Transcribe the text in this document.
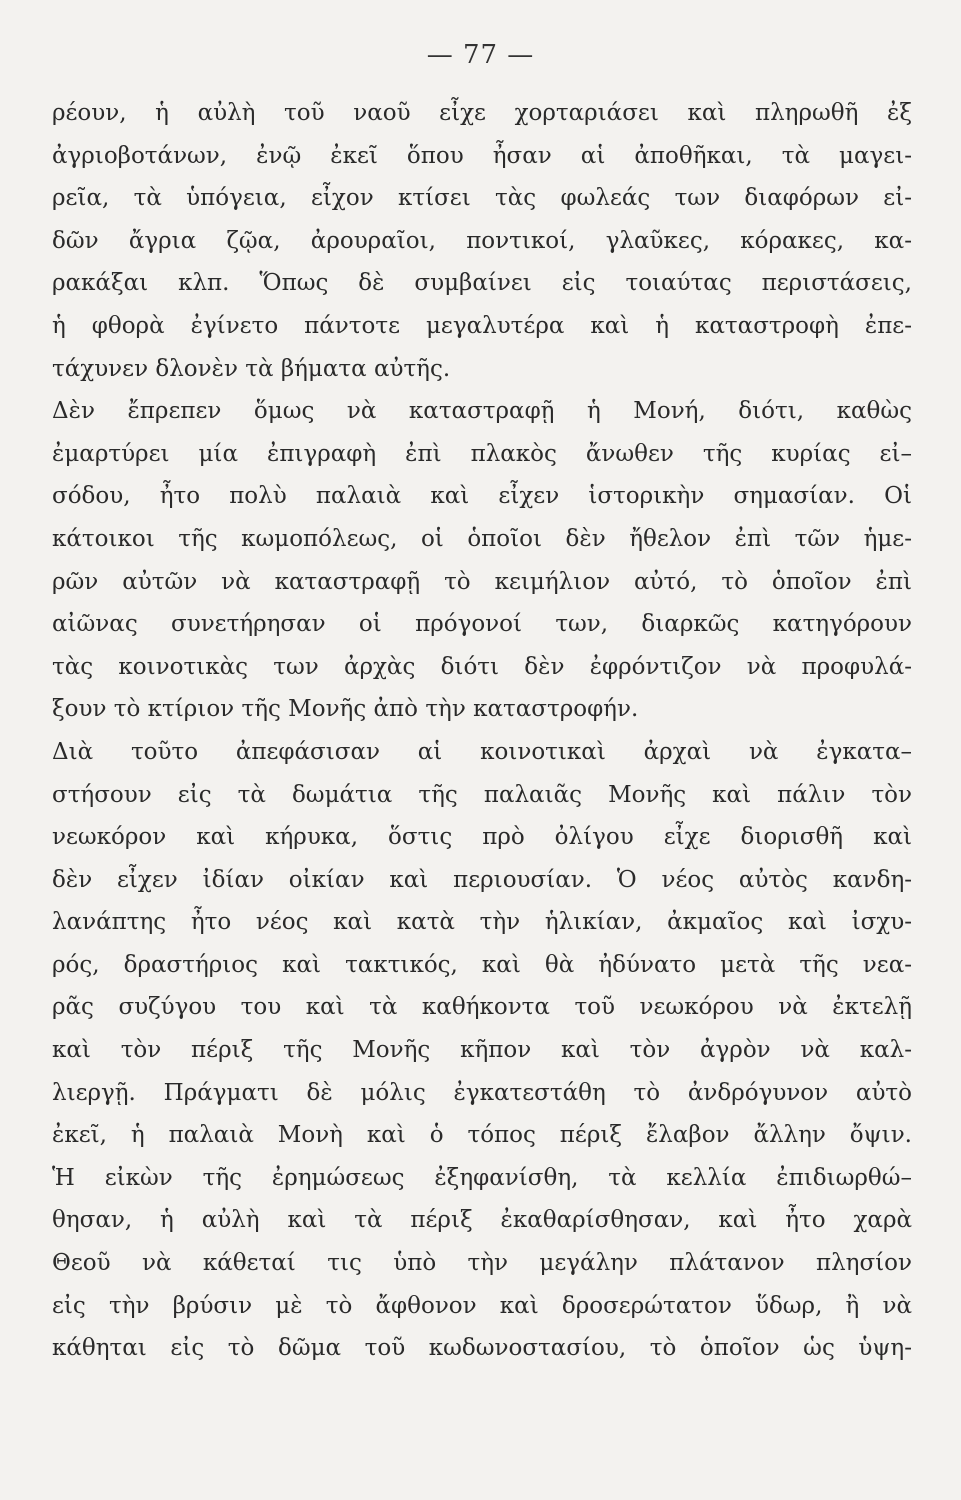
— 77 —
ρέουν, ἡ αὐλὴ τοῦ ναοῦ εἶχε χορταριάσει καὶ πληρωθῆ ἐξ
ἀγριοβοτάνων, ἐνῷ ἐκεῖ ὅπου ἦσαν αἱ ἀποθῆκαι, τὰ μαγει-
ρεῖα, τὰ ὑπόγεια, εἶχον κτίσει τὰς φωλεάς των διαφόρων εἰ-
δῶν ἄγρια ζῷα, ἀρουραῖοι, ποντικοί, γλαῦκες, κόρακες, κα-
ρακάξαι κλπ. Ὅπως δὲ συμβαίνει εἰς τοιαύτας περιστάσεις,
ἡ φθορὰ ἐγίνετο πάντοτε μεγαλυτέρα καὶ ἡ καταστροφὴ ἐπε-
τάχυνεν δλονὲν τὰ βήματα αὐτῆς.
Δὲν ἔπρεπεν ὅμως νὰ καταστραφῇ ἡ Μονή, διότι, καθὼς
ἐμαρτύρει μία ἐπιγραφὴ ἐπὶ πλακὸς ἄνωθεν τῆς κυρίας εἰ–
σόδου, ἦτο πολὺ παλαιὰ καὶ εἶχεν ἱστορικὴν σημασίαν. Οἱ
κάτοικοι τῆς κωμοπόλεως, οἱ ὁποῖοι δὲν ἤθελον ἐπὶ τῶν ἡμε-
ρῶν αὐτῶν νὰ καταστραφῇ τὸ κειμήλιον αὐτό, τὸ ὁποῖον ἐπὶ
αἰῶνας συνετήρησαν οἱ πρόγονοί των, διαρκῶς κατηγόρουν
τὰς κοινοτικὰς των ἀρχὰς διότι δὲν ἐφρόντιζον νὰ προφυλά-
ξουν τὸ κτίριον τῆς Μονῆς ἀπὸ τὴν καταστροφήν.
Διὰ τοῦτο ἀπεφάσισαν αἱ κοινοτικαὶ ἀρχαὶ νὰ ἐγκατα–
στήσουν εἰς τὰ δωμάτια τῆς παλαιᾶς Μονῆς καὶ πάλιν τὸν
νεωκόρον καὶ κήρυκα, ὅστις πρὸ ὀλίγου εἶχε διορισθῆ καὶ
δὲν εἶχεν ἰδίαν οἰκίαν καὶ περιουσίαν. Ὁ νέος αὐτὸς κανδη-
λανάπτης ἦτο νέος καὶ κατὰ τὴν ἡλικίαν, ἀκμαῖος καὶ ἰσχυ-
ρός, δραστήριος καὶ τακτικός, καὶ θὰ ἠδύνατο μετὰ τῆς νεα-
ρᾶς συζύγου του καὶ τὰ καθήκοντα τοῦ νεωκόρου νὰ ἐκτελῇ
καὶ τὸν πέριξ τῆς Μονῆς κῆπον καὶ τὸν ἀγρὸν νὰ καλ-
λιεργῇ. Πράγματι δὲ μόλις ἐγκατεστάθη τὸ ἀνδρόγυνον αὐτὸ
ἐκεῖ, ἡ παλαιὰ Μονὴ καὶ ὁ τόπος πέριξ ἔλαβον ἄλλην ὄψιν.
Ἡ εἰκὼν τῆς ἐρημώσεως ἐξηφανίσθη, τὰ κελλία ἐπιδιωρθώ–
θησαν, ἡ αὐλὴ καὶ τὰ πέριξ ἐκαθαρίσθησαν, καὶ ἦτο χαρὰ
Θεοῦ νὰ κάθεταί τις ὑπὸ τὴν μεγάλην πλάτανον πλησίον
εἰς τὴν βρύσιν μὲ τὸ ἄφθονον καὶ δροσερώτατον ὕδωρ, ἢ νὰ
κάθηται εἰς τὸ δῶμα τοῦ κωδωνοστασίου, τὸ ὁποῖον ὡς ὑψη-
